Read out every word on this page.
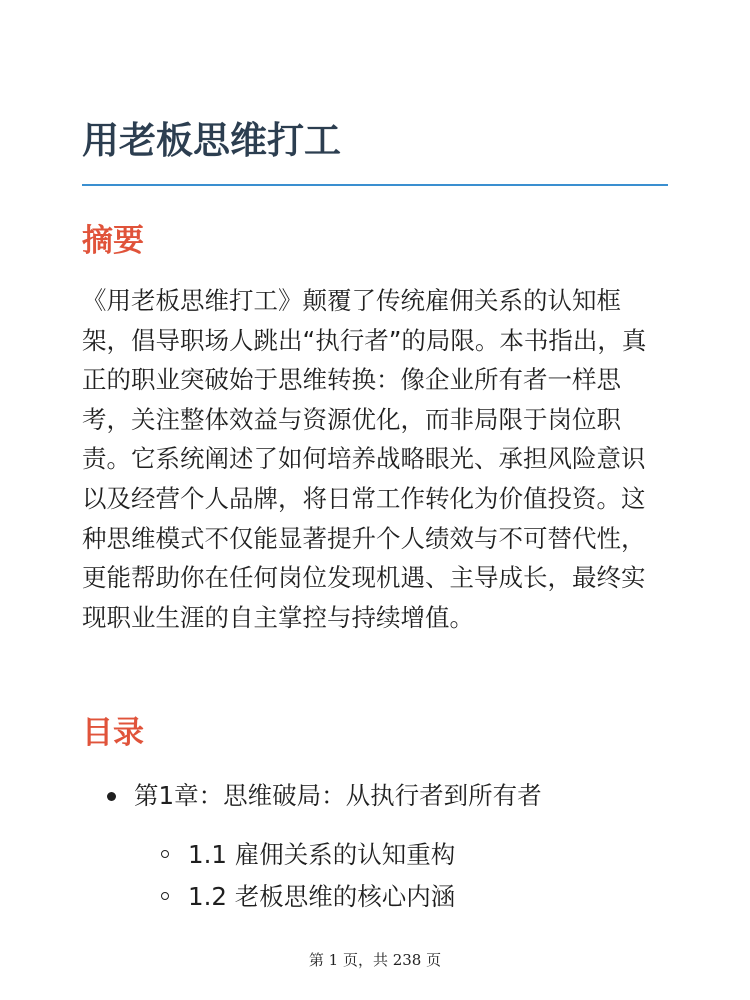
用老板思维打工
摘要

《用老板思维打工》颠覆了传统雇佣关系的认知框架，倡导职场人跳出“执行者”的局限。本书指出，真正的职业突破始于思维转换：像企业所有者一样思考，关注整体效益与资源优化，而非局限于岗位职责。它系统阐述了如何培养战略眼光、承担风险意识以及经营个人品牌，将日常工作转化为价值投资。这种思维模式不仅能显著提升个人绩效与不可替代性，更能帮助你在任何岗位发现机遇、主导成长，最终实现职业生涯的自主掌控与持续增值。

目录
第1章：思维破局：从执行者到所有者
1.1 雇佣关系的认知重构
1.2 老板思维的核心内涵
第 1 页，共 238 页
